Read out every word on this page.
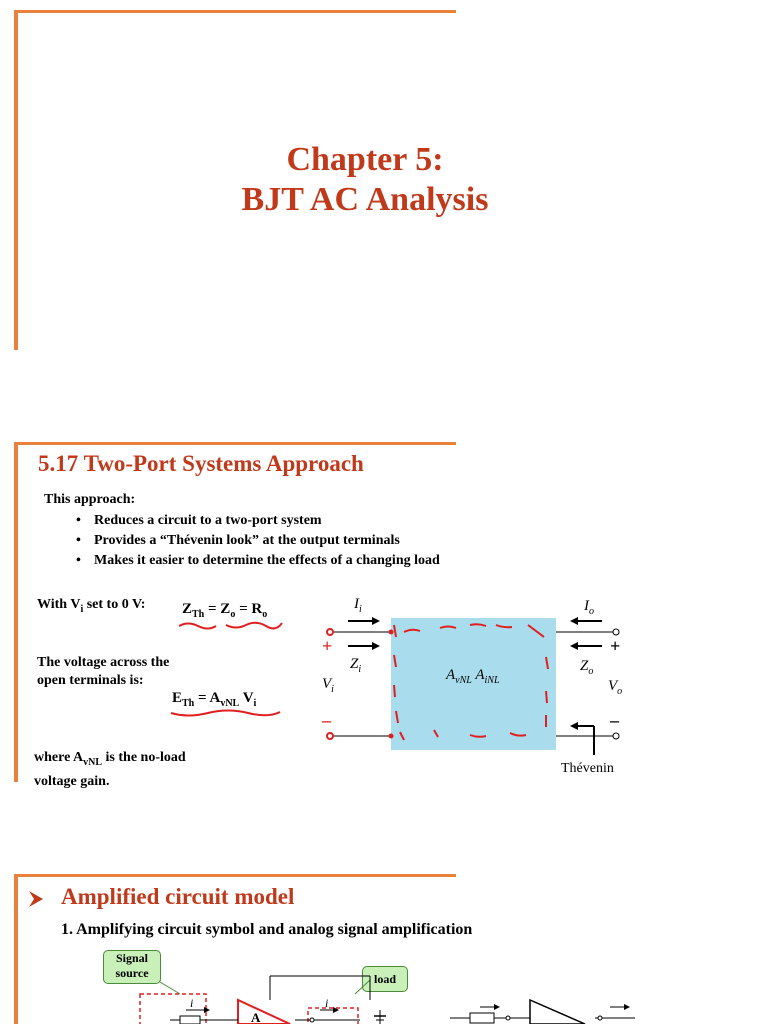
Chapter 5:
BJT AC Analysis
5.17 Two-Port Systems Approach
This approach:
• Reduces a circuit to a two-port system
• Provides a “Thévenin look” at the output terminals
• Makes it easier to determine the effects of a changing load
With $V_i$ set to 0 V: $Z_{Th} = Z_o = R_o$
The voltage across the
open terminals is:
$E_{Th} = A_{vNL}$ $V_i$
where $A_{vNL}$ is the no-load
voltage gain.
$I_i$	$I_o$
$Z_i$	$Z_o$
$V_i$	$V_o$
$A_{vNL}$ $A_{iNL}$
+	+
–	–
Thévenin
Amplified circuit model
1. Amplifying circuit symbol and analog signal amplification
Signal
source	load
i	i
A
